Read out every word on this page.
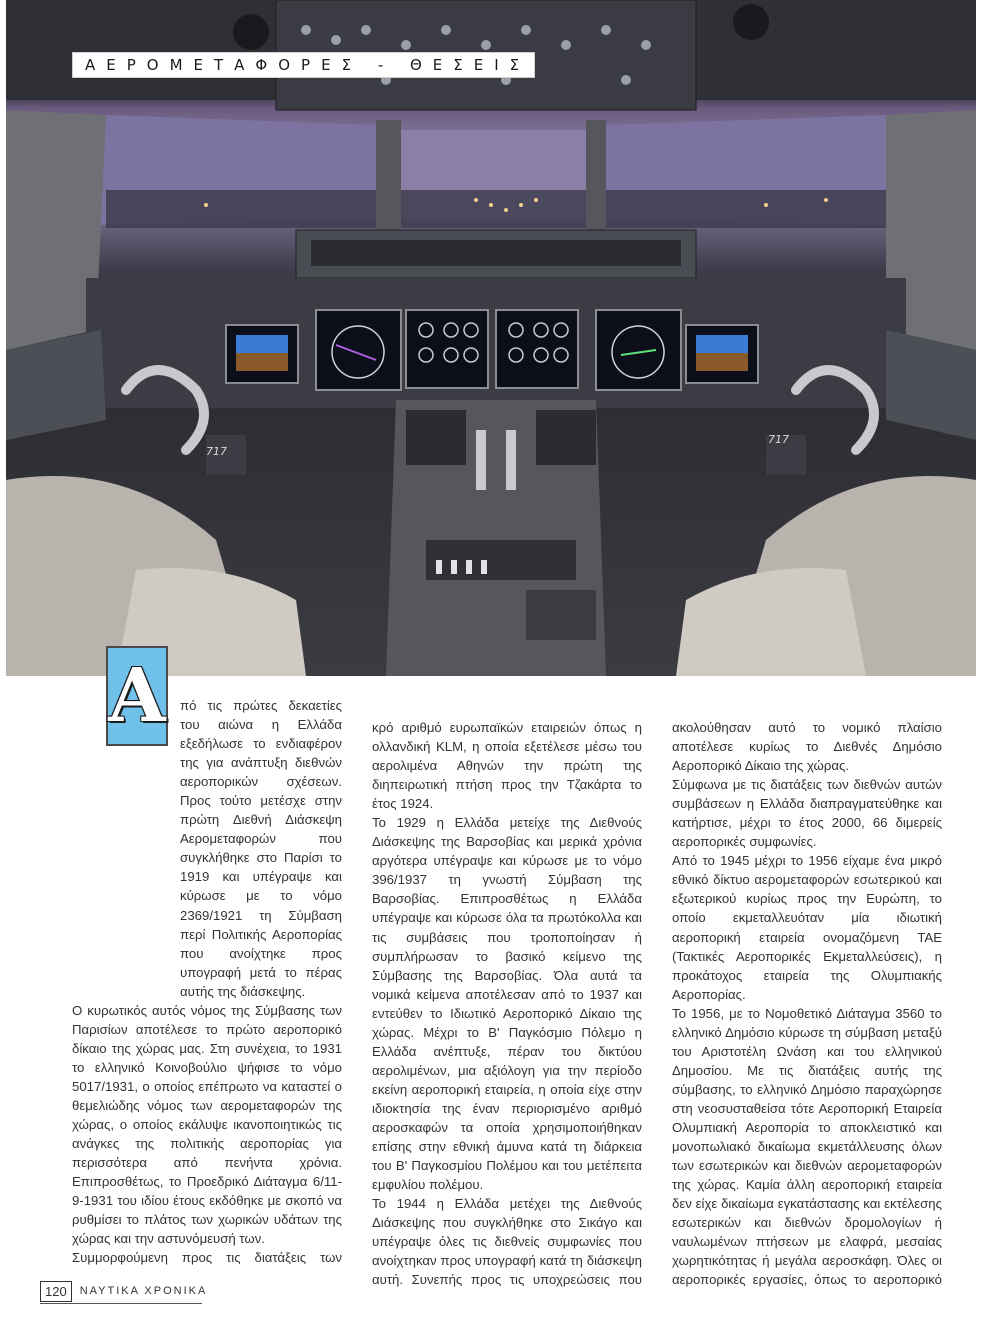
717
717
ΑΕΡΟΜΕΤΑΦΟΡΕΣ - ΘΕΣΕΙΣ
Α	πό τις πρώτες δεκαετίες του αιώνα η Ελλάδα εξεδήλωσε το ενδιαφέρον της για ανάπτυξη διεθνών αεροπορικών σχέσεων. Προς τούτο μετέσχε στην πρώτη Διεθνή Διάσκεψη Αερομεταφορών που συγκλήθηκε στο Παρίσι το 1919 και υπέγραψε και κύρωσε με το νόμο 2369/1921 τη Σύμβαση περί Πολιτικής Αεροπορίας που ανοίχτηκε προς υπογραφή μετά το πέρας αυτής της διάσκεψης.

Ο κυρωτικός αυτός νόμος της Σύμβασης των Παρισίων αποτέλεσε το πρώτο αεροπορικό δίκαιο της χώρας μας. Στη συνέχεια, το 1931 το ελληνικό Κοινοβούλιο ψήφισε το νόμο 5017/1931, ο οποίος επέπρωτο να καταστεί ο θεμελιώδης νόμος των αερομεταφορών της χώρας, ο οποίος εκάλυψε ικανοποιητικώς τις ανάγκες της πολιτικής αεροπορίας για περισσότερα από πενήντα χρόνια. Επιπροσθέτως, το Προεδρικό Διάταγμα 6/11-9-1931 του ιδίου έτους εκδόθηκε με σκοπό να ρυθμίσει το πλάτος των χωρικών υδάτων της χώρας και την αστυνόμευσή των.

Συμμορφούμενη προς τις διατάξεις των

κρό αριθμό ευρωπαϊκών εταιρειών όπως η ολλανδική KLM, η οποία εξετέλεσε μέσω του αερολιμένα Αθηνών την πρώτη της διηπειρωτική πτήση προς την Τζακάρτα το έτος 1924.

Το 1929 η Ελλάδα μετείχε της Διεθνούς Διάσκεψης της Βαρσοβίας και μερικά χρόνια αργότερα υπέγραψε και κύρωσε με το νόμο 396/1937 τη γνωστή Σύμβαση της Βαρσοβίας. Επιπροσθέτως η Ελλάδα υπέγραψε και κύρωσε όλα τα πρωτόκολλα και τις συμβάσεις που τροποποίησαν ή συμπλήρωσαν το βασικό κείμενο της Σύμβασης της Βαρσοβίας. Όλα αυτά τα νομικά κείμενα αποτέλεσαν από το 1937 και εντεύθεν το Ιδιωτικό Αεροπορικό Δίκαιο της χώρας. Μέχρι το Β' Παγκόσμιο Πόλεμο η Ελλάδα ανέπτυξε, πέραν του δικτύου αερολιμένων, μια αξιόλογη για την περίοδο εκείνη αεροπορική εταιρεία, η οποία είχε στην ιδιοκτησία της έναν περιορισμένο αριθμό αεροσκαφών τα οποία χρησιμοποιήθηκαν επίσης στην εθνική άμυνα κατά τη διάρκεια του Β' Παγκοσμίου Πολέμου και του μετέπειτα εμφυλίου πολέμου.

Το 1944 η Ελλάδα μετέχει της Διεθνούς Διάσκεψης που συγκλήθηκε στο Σικάγο και υπέγραψε όλες τις διεθνείς συμφωνίες που ανοίχτηκαν προς υπογραφή κατά τη διάσκεψη αυτή. Συνεπής προς τις υποχρεώσεις που

ακολούθησαν αυτό το νομικό πλαίσιο αποτέλεσε κυρίως το Διεθνές Δημόσιο Αεροπορικό Δίκαιο της χώρας.

Σύμφωνα με τις διατάξεις των διεθνών αυτών συμβάσεων η Ελλάδα διαπραγματεύθηκε και κατήρτισε, μέχρι το έτος 2000, 66 διμερείς αεροπορικές συμφωνίες.

Από το 1945 μέχρι το 1956 είχαμε ένα μικρό εθνικό δίκτυο αερομεταφορών εσωτερικού και εξωτερικού κυρίως προς την Ευρώπη, το οποίο εκμεταλλευόταν μία ιδιωτική αεροπορική εταιρεία ονομαζόμενη ΤΑΕ (Τακτικές Αεροπορικές Εκμεταλλεύσεις), η προκάτοχος εταιρεία της Ολυμπιακής Αεροπορίας.

Το 1956, με το Νομοθετικό Διάταγμα 3560 το ελληνικό Δημόσιο κύρωσε τη σύμβαση μεταξύ του Αριστοτέλη Ωνάση και του ελληνικού Δημοσίου. Με τις διατάξεις αυτής της σύμβασης, το ελληνικό Δημόσιο παραχώρησε στη νεοσυσταθείσα τότε Αεροπορική Εταιρεία Ολυμπιακή Αεροπορία το αποκλειστικό και μονοπωλιακό δικαίωμα εκμετάλλευσης όλων των εσωτερικών και διεθνών αερομεταφορών της χώρας. Καμία άλλη αεροπορική εταιρεία δεν είχε δικαίωμα εγκατάστασης και εκτέλεσης εσωτερικών και διεθνών δρομολογίων ή ναυλωμένων πτήσεων με ελαφρά, μεσαίας χωρητικότητας ή μεγάλα αεροσκάφη. Όλες οι αεροπορικές εργασίες, όπως το αεροπορικό

120	ΝΑΥΤΙΚΑ ΧΡΟΝΙΚΑ
